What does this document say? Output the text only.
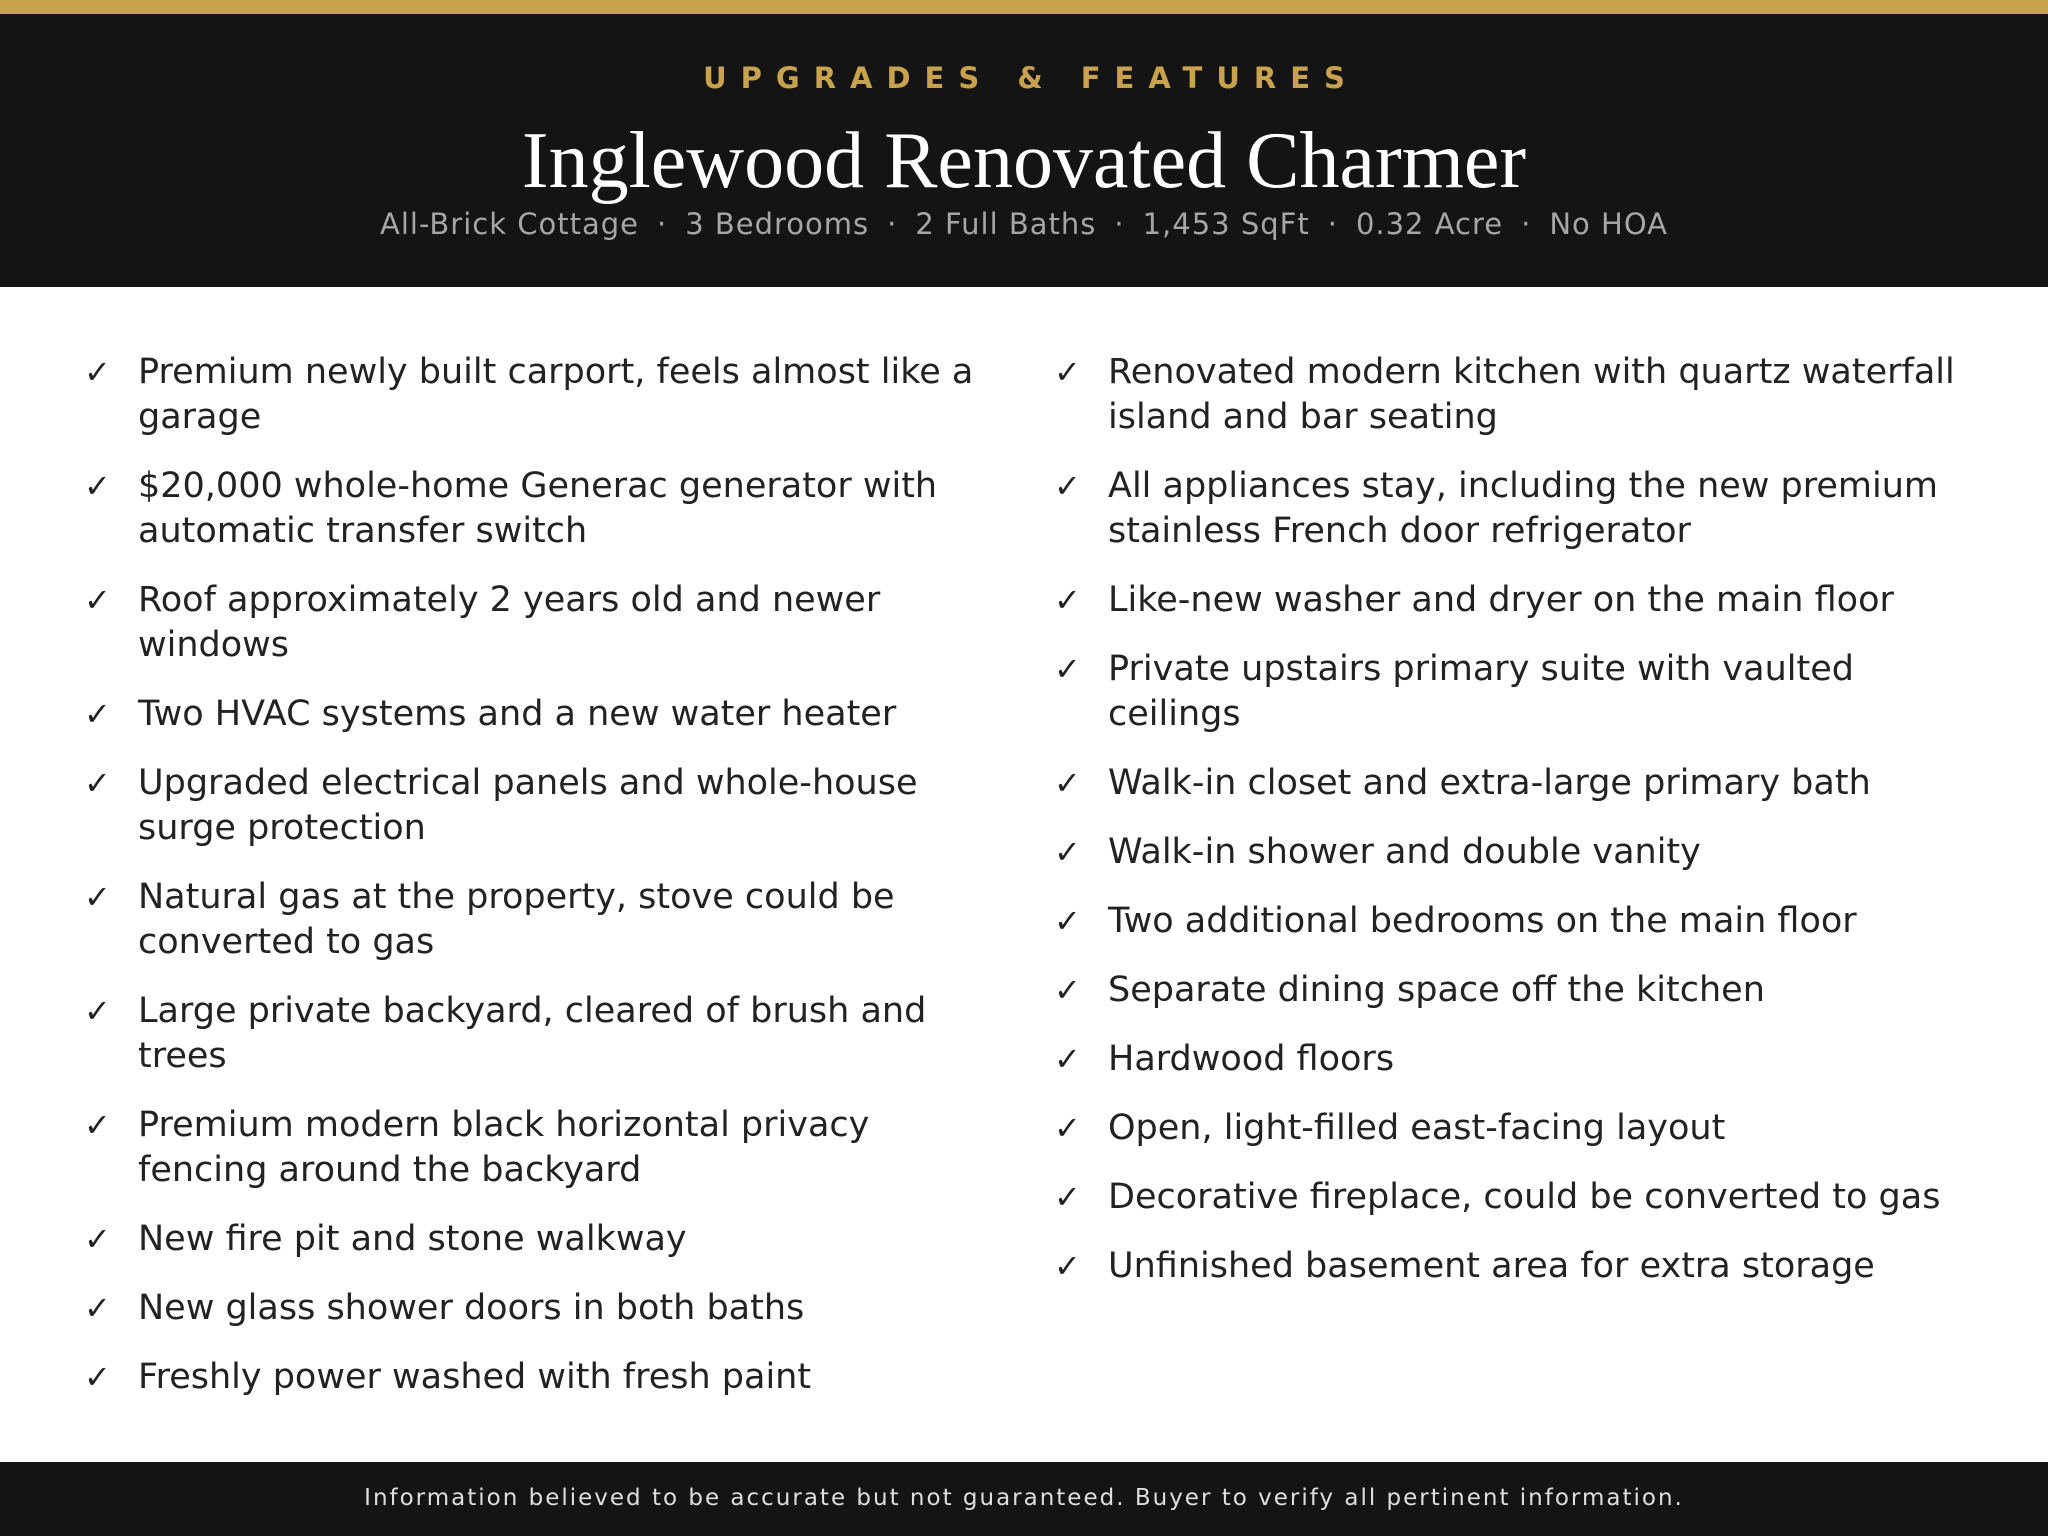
UPGRADES & FEATURES
Inglewood Renovated Charmer
All-Brick Cottage · 3 Bedrooms · 2 Full Baths · 1,453 SqFt · 0.32 Acre · No HOA
✓ Premium newly built carport, feels almost like a garage
✓ $20,000 whole-home Generac generator with automatic transfer switch
✓ Roof approximately 2 years old and newer windows
✓ Two HVAC systems and a new water heater
✓ Upgraded electrical panels and whole-house surge protection
✓ Natural gas at the property, stove could be converted to gas
✓ Large private backyard, cleared of brush and trees
✓ Premium modern black horizontal privacy fencing around the backyard
✓ New fire pit and stone walkway
✓ New glass shower doors in both baths
✓ Freshly power washed with fresh paint
✓ Renovated modern kitchen with quartz waterfall island and bar seating
✓ All appliances stay, including the new premium stainless French door refrigerator
✓ Like-new washer and dryer on the main floor
✓ Private upstairs primary suite with vaulted ceilings
✓ Walk-in closet and extra-large primary bath
✓ Walk-in shower and double vanity
✓ Two additional bedrooms on the main floor
✓ Separate dining space off the kitchen
✓ Hardwood floors
✓ Open, light-filled east-facing layout
✓ Decorative fireplace, could be converted to gas
✓ Unfinished basement area for extra storage
Information believed to be accurate but not guaranteed. Buyer to verify all pertinent information.
